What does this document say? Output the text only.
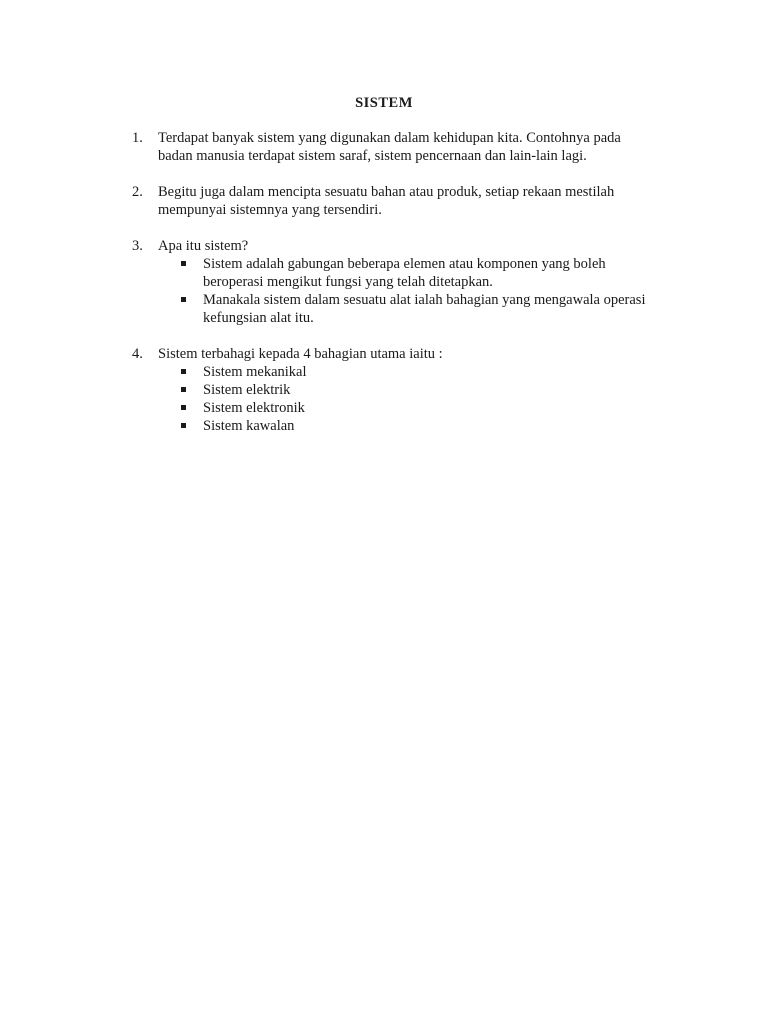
SISTEM
1. Terdapat banyak sistem yang digunakan dalam kehidupan kita. Contohnya pada badan manusia terdapat sistem saraf, sistem pencernaan dan lain-lain lagi.
2. Begitu juga dalam mencipta sesuatu bahan atau produk, setiap rekaan mestilah mempunyai sistemnya yang tersendiri.
3. Apa itu sistem?
Sistem adalah gabungan beberapa elemen atau komponen yang boleh beroperasi mengikut fungsi yang telah ditetapkan.
Manakala sistem dalam sesuatu alat ialah bahagian yang mengawala operasi kefungsian alat itu.
4. Sistem terbahagi kepada 4 bahagian utama iaitu :
Sistem mekanikal
Sistem elektrik
Sistem elektronik
Sistem kawalan
